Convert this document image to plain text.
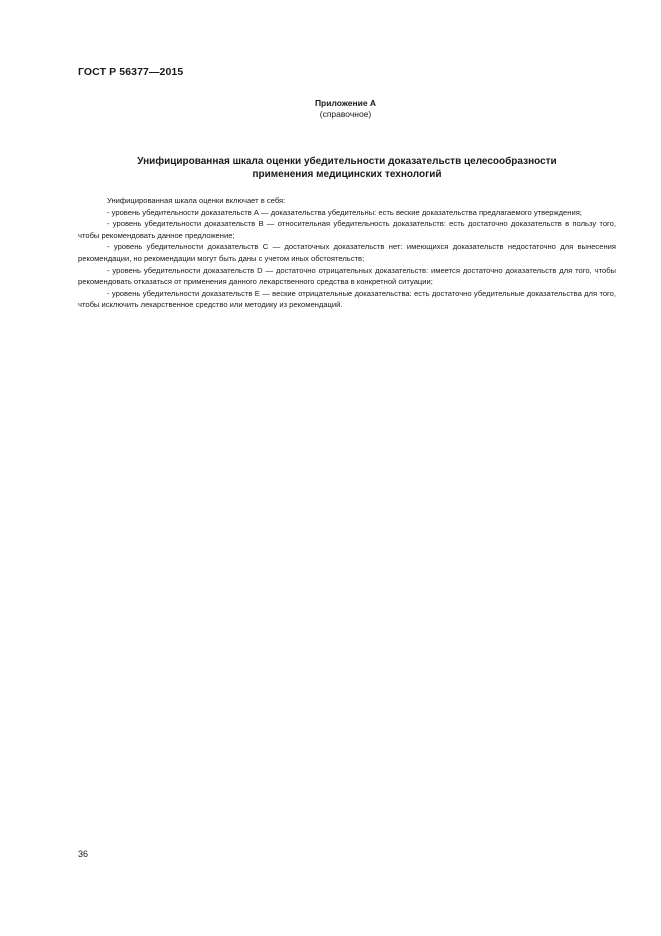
ГОСТ Р 56377—2015
Приложение А
(справочное)
Унифицированная шкала оценки убедительности доказательств целесообразности
применения медицинских технологий

Унифицированная шкала оценки включает в себя:

- уровень убедительности доказательств А — доказательства убедительны: есть веские доказательства предлагаемого утверждения;

- уровень убедительности доказательств В — относительная убедительность доказательств: есть достаточно доказательств в пользу того, чтобы рекомендовать данное предложение;

- уровень убедительности доказательств С — достаточных доказательств нет: имеющихся доказательств недостаточно для вынесения рекомендации, но рекомендации могут быть даны с учетом иных обстоятельств;

- уровень убедительности доказательств D — достаточно отрицательных доказательств: имеется достаточно доказательств для того, чтобы рекомендовать отказаться от применения данного лекарственного средства в конкретной ситуации;

- уровень убедительности доказательств Е — веские отрицательные доказательства: есть достаточно убедительные доказательства для того, чтобы исключить лекарственное средство или методику из рекомендаций.

36
